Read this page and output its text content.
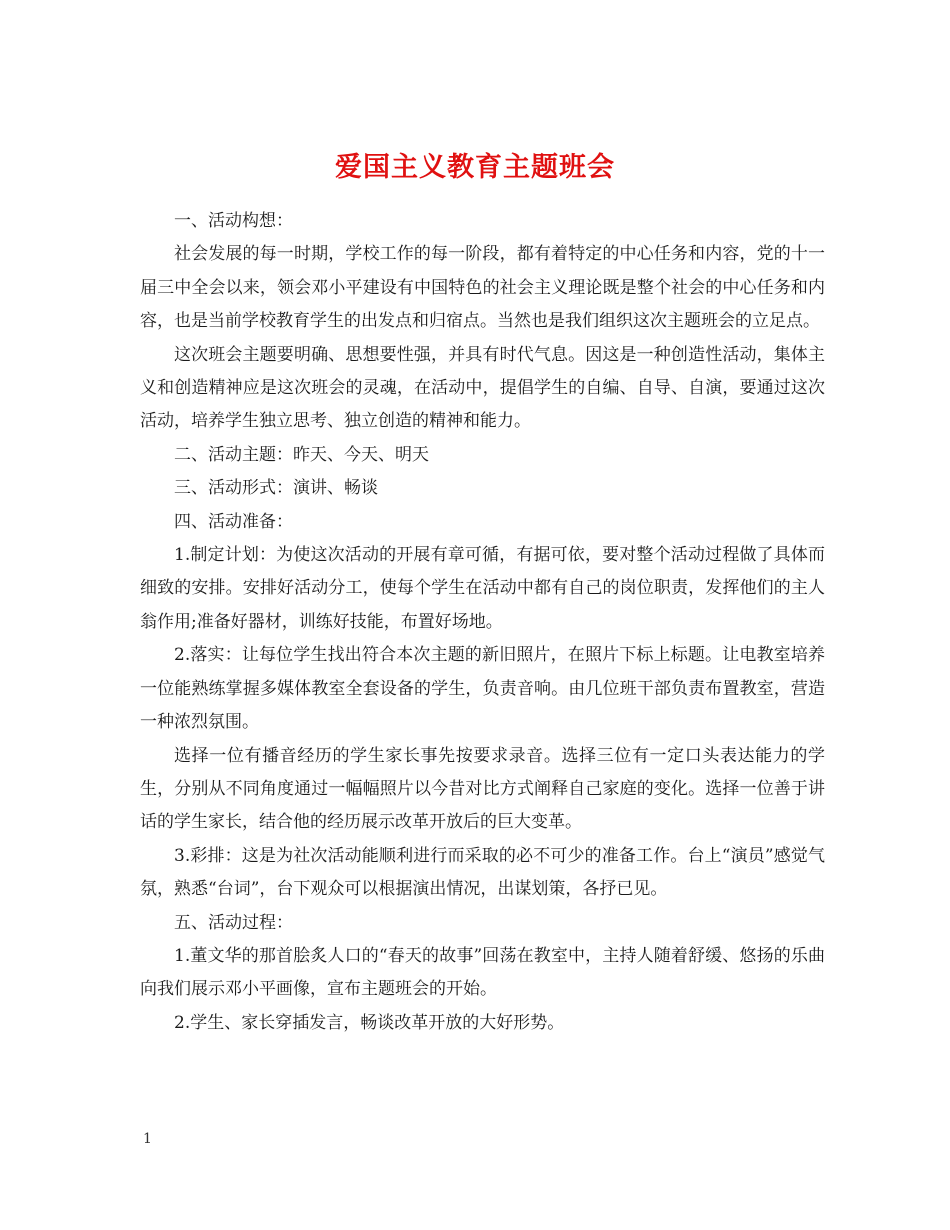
爱国主义教育主题班会

一、活动构想：

社会发展的每一时期，学校工作的每一阶段，都有着特定的中心任务和内容，党的十一届三中全会以来，领会邓小平建设有中国特色的社会主义理论既是整个社会的中心任务和内容，也是当前学校教育学生的出发点和归宿点。当然也是我们组织这次主题班会的立足点。

这次班会主题要明确、思想要性强，并具有时代气息。因这是一种创造性活动，集体主义和创造精神应是这次班会的灵魂，在活动中，提倡学生的自编、自导、自演，要通过这次活动，培养学生独立思考、独立创造的精神和能力。

二、活动主题：昨天、今天、明天

三、活动形式：演讲、畅谈

四、活动准备：

1.制定计划：为使这次活动的开展有章可循，有据可依，要对整个活动过程做了具体而细致的安排。安排好活动分工，使每个学生在活动中都有自己的岗位职责，发挥他们的主人翁作用;准备好器材，训练好技能，布置好场地。

2.落实：让每位学生找出符合本次主题的新旧照片，在照片下标上标题。让电教室培养一位能熟练掌握多媒体教室全套设备的学生，负责音响。由几位班干部负责布置教室，营造一种浓烈氛围。

选择一位有播音经历的学生家长事先按要求录音。选择三位有一定口头表达能力的学生，分别从不同角度通过一幅幅照片以今昔对比方式阐释自己家庭的变化。选择一位善于讲话的学生家长，结合他的经历展示改革开放后的巨大变革。

3.彩排：这是为社次活动能顺利进行而采取的必不可少的准备工作。台上“演员”感觉气氛，熟悉“台词”，台下观众可以根据演出情况，出谋划策，各抒已见。

五、活动过程：

1.董文华的那首脍炙人口的“春天的故事”回荡在教室中，主持人随着舒缓、悠扬的乐曲向我们展示邓小平画像，宣布主题班会的开始。

2.学生、家长穿插发言，畅谈改革开放的大好形势。

1
